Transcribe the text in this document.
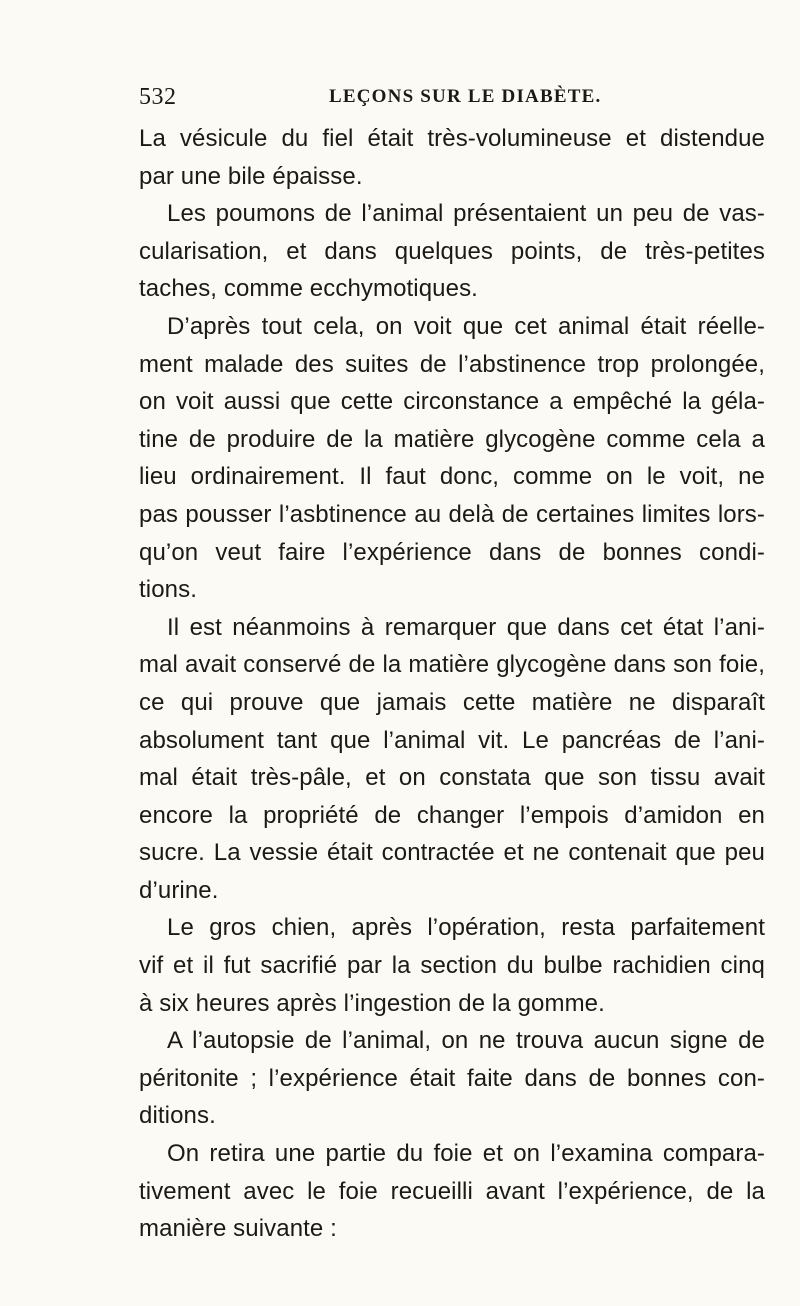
532	LEÇONS SUR LE DIABÈTE.
La vésicule du fiel était très-volumineuse et distendue
par une bile épaisse.
Les poumons de l’animal présentaient un peu de vas-
cularisation, et dans quelques points, de très-petites
taches, comme ecchymotiques.
D’après tout cela, on voit que cet animal était réelle-
ment malade des suites de l’abstinence trop prolongée,
on voit aussi que cette circonstance a empêché la géla-
tine de produire de la matière glycogène comme cela a
lieu ordinairement. Il faut donc, comme on le voit, ne
pas pousser l’asbtinence au delà de certaines limites lors-
qu’on veut faire l’expérience dans de bonnes condi-
tions.
Il est néanmoins à remarquer que dans cet état l’ani-
mal avait conservé de la matière glycogène dans son foie,
ce qui prouve que jamais cette matière ne disparaît
absolument tant que l’animal vit. Le pancréas de l’ani-
mal était très-pâle, et on constata que son tissu avait
encore la propriété de changer l’empois d’amidon en
sucre. La vessie était contractée et ne contenait que peu
d’urine.
Le gros chien, après l’opération, resta parfaitement
vif et il fut sacrifié par la section du bulbe rachidien cinq
à six heures après l’ingestion de la gomme.
A l’autopsie de l’animal, on ne trouva aucun signe de
péritonite ; l’expérience était faite dans de bonnes con-
ditions.
On retira une partie du foie et on l’examina compara-
tivement avec le foie recueilli avant l’expérience, de la
manière suivante :
